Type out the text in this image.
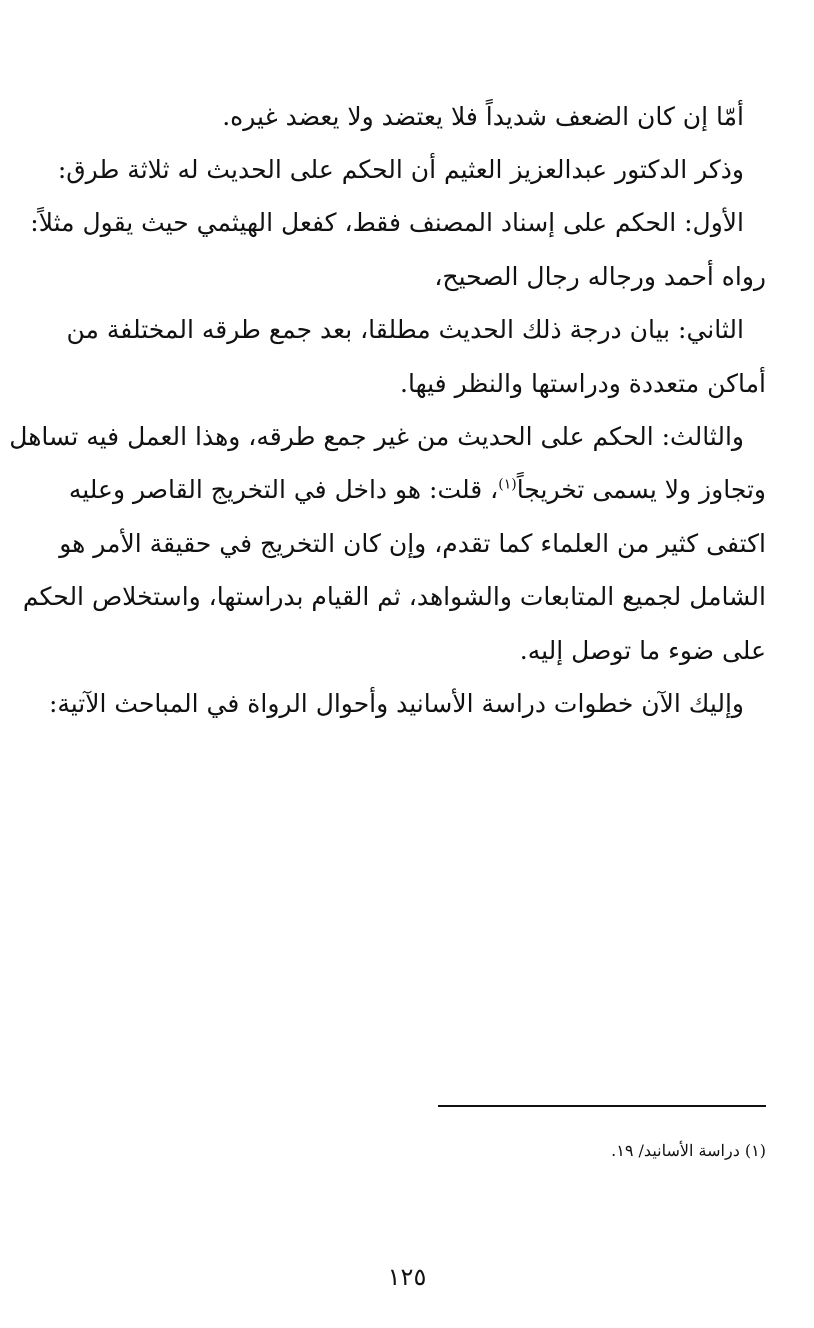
أمّا إن كان الضعف شديداً فلا يعتضد ولا يعضد غيره.
وذكر الدكتور عبدالعزيز العثيم أن الحكم على الحديث له ثلاثة طرق:
الأول: الحكم على إسناد المصنف فقط، كفعل الهيثمي حيث يقول مثلاً:
رواه أحمد ورجاله رجال الصحيح،
الثاني: بيان درجة ذلك الحديث مطلقا، بعد جمع طرقه المختلفة من
أماكن متعددة ودراستها والنظر فيها.
والثالث: الحكم على الحديث من غير جمع طرقه، وهذا العمل فيه تساهل
وتجاوز ولا يسمى تخريجاً$^{(١)}$، قلت: هو داخل في التخريج القاصر وعليه
اكتفى كثير من العلماء كما تقدم، وإن كان التخريج في حقيقة الأمر هو
الشامل لجميع المتابعات والشواهد، ثم القيام بدراستها، واستخلاص الحكم
على ضوء ما توصل إليه.
وإليك الآن خطوات دراسة الأسانيد وأحوال الرواة في المباحث الآتية:
(١) دراسة الأسانيد/ ١٩.
١٢٥
